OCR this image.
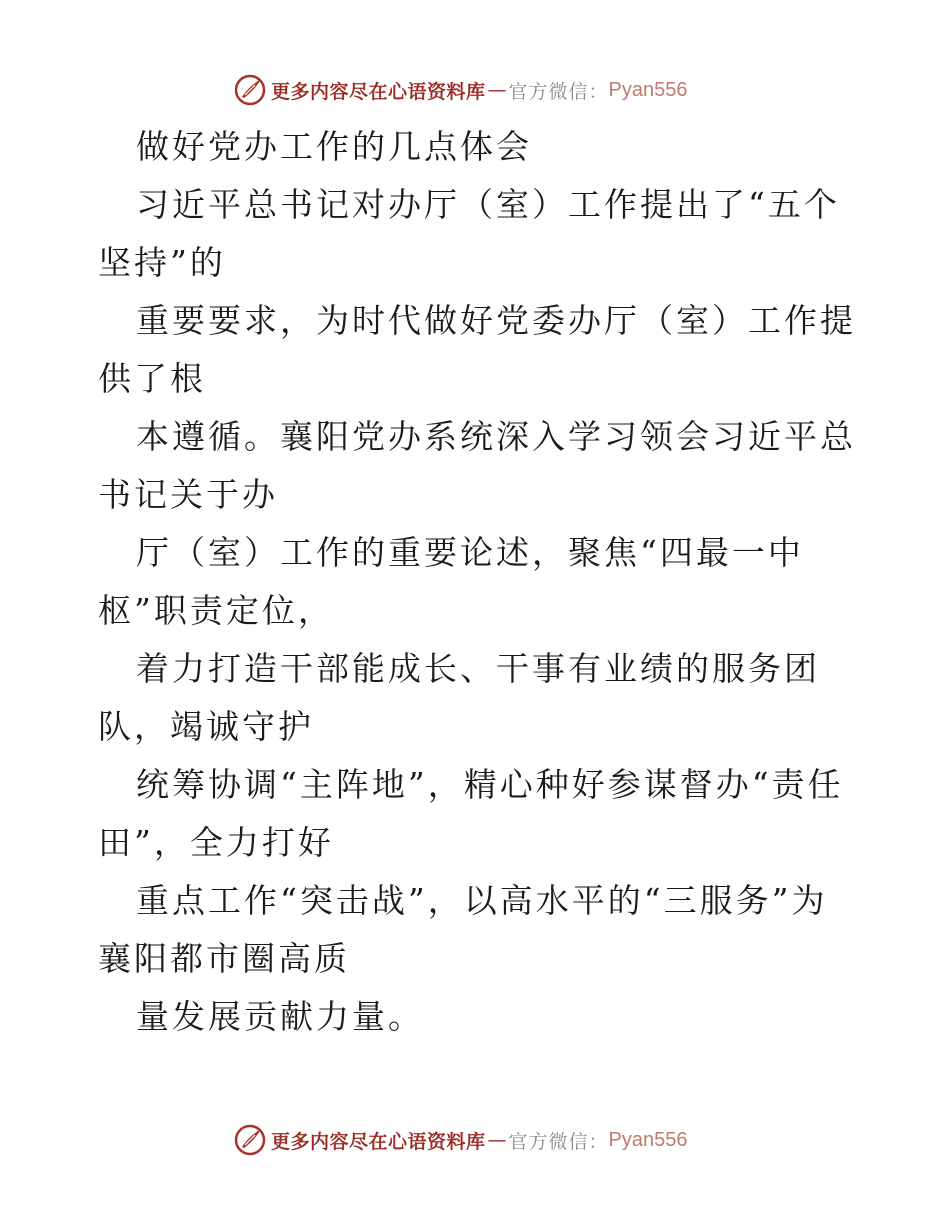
更多内容尽在心语资料库 — 官方微信： Pyan556

做好党办工作的几点体会

习近平总书记对办厅（室）工作提出了“五个坚持”的

重要要求，为时代做好党委办厅（室）工作提供了根

本遵循。襄阳党办系统深入学习领会习近平总书记关于办

厅（室）工作的重要论述，聚焦“四最一中枢”职责定位，

着力打造干部能成长、干事有业绩的服务团队，竭诚守护

统筹协调“主阵地”，精心种好参谋督办“责任田”，全力打好

重点工作“突击战”，以高水平的“三服务”为襄阳都市圈高质

量发展贡献力量。

更多内容尽在心语资料库 — 官方微信： Pyan556
